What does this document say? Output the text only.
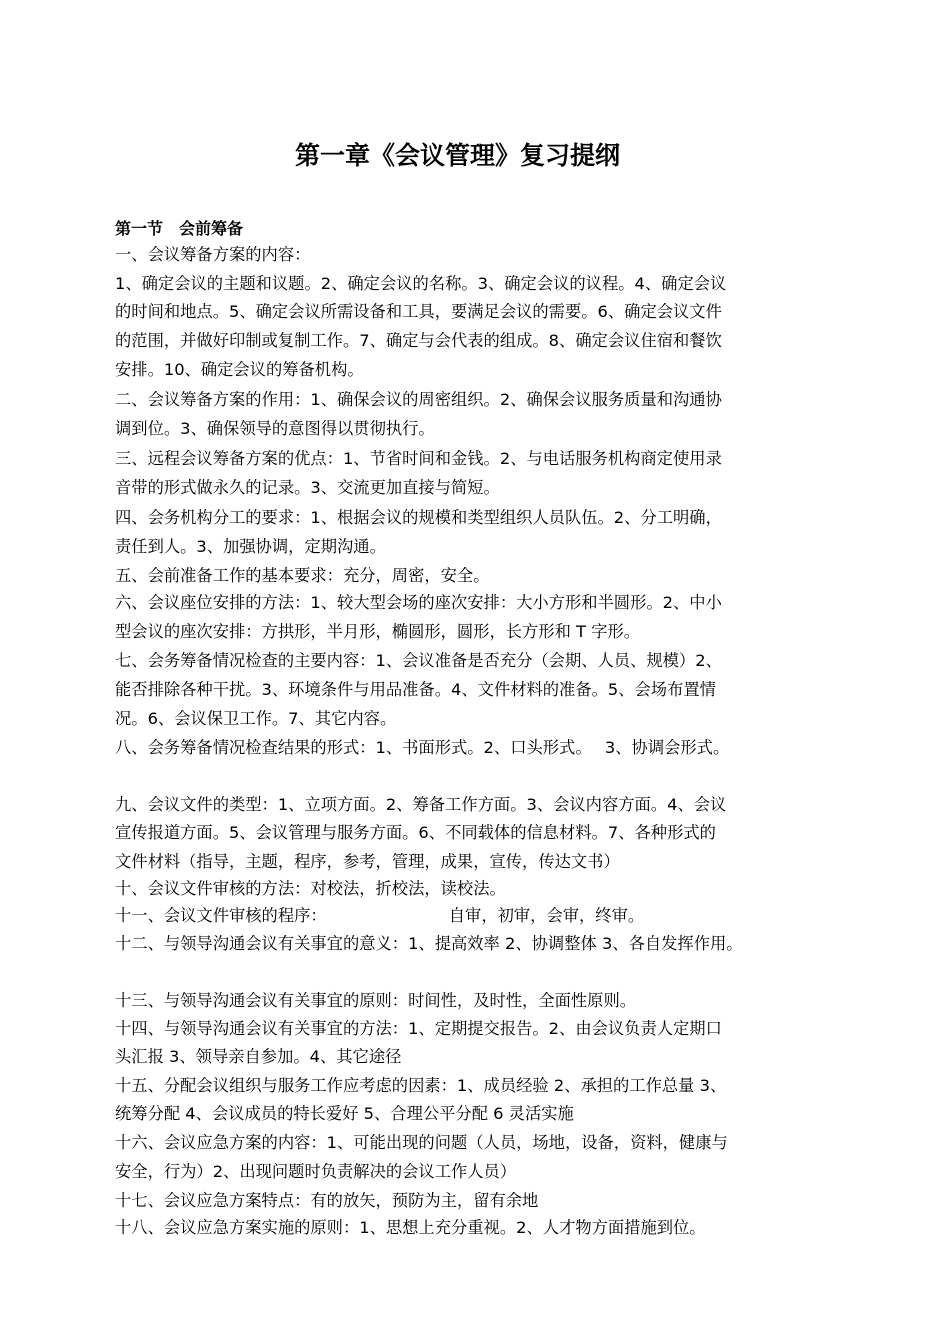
第一章《会议管理》复习提纲
第一节　会前筹备
一、会议筹备方案的内容：
1、确定会议的主题和议题。2、确定会议的名称。3、确定会议的议程。4、确定会议
的时间和地点。5、确定会议所需设备和工具，要满足会议的需要。6、确定会议文件
的范围，并做好印制或复制工作。7、确定与会代表的组成。8、确定会议住宿和餐饮
安排。10、确定会议的筹备机构。
二、会议筹备方案的作用：1、确保会议的周密组织。2、确保会议服务质量和沟通协
调到位。3、确保领导的意图得以贯彻执行。
三、远程会议筹备方案的优点：1、节省时间和金钱。2、与电话服务机构商定使用录
音带的形式做永久的记录。3、交流更加直接与简短。
四、会务机构分工的要求：1、根据会议的规模和类型组织人员队伍。2、分工明确，
责任到人。3、加强协调，定期沟通。
五、会前准备工作的基本要求：充分，周密，安全。
六、会议座位安排的方法：1、较大型会场的座次安排：大小方形和半圆形。2、中小
型会议的座次安排：方拱形，半月形，椭圆形，圆形，长方形和 T 字形。
七、会务筹备情况检查的主要内容：1、会议准备是否充分（会期、人员、规模）2、
能否排除各种干扰。3、环境条件与用品准备。4、文件材料的准备。5、会场布置情
况。6、会议保卫工作。7、其它内容。
八、会务筹备情况检查结果的形式：1、书面形式。2、口头形式。　 3、协调会形式。
九、会议文件的类型：1、立项方面。2、筹备工作方面。3、会议内容方面。4、会议
宣传报道方面。5、会议管理与服务方面。6、不同载体的信息材料。7、各种形式的
文件材料（指导，主题，程序，参考，管理，成果，宣传，传达文书）
十、会议文件审核的方法：对校法，折校法，读校法。
十一、会议文件审核的程序：　　　　　　　　自审，初审，会审，终审。
十二、与领导沟通会议有关事宜的意义：1、提高效率 2、协调整体 3、各自发挥作用。
十三、与领导沟通会议有关事宜的原则：时间性，及时性，全面性原则。
十四、与领导沟通会议有关事宜的方法：1、定期提交报告。2、由会议负责人定期口
头汇报 3、领导亲自参加。4、其它途径
十五、分配会议组织与服务工作应考虑的因素：1、成员经验 2、承担的工作总量 3、
统筹分配 4、会议成员的特长爱好 5、合理公平分配 6 灵活实施
十六、会议应急方案的内容：1、可能出现的问题（人员，场地，设备，资料，健康与
安全，行为）2、出现问题时负责解决的会议工作人员）
十七、会议应急方案特点：有的放矢，预防为主，留有余地
十八、会议应急方案实施的原则：1、思想上充分重视。2、人才物方面措施到位。
